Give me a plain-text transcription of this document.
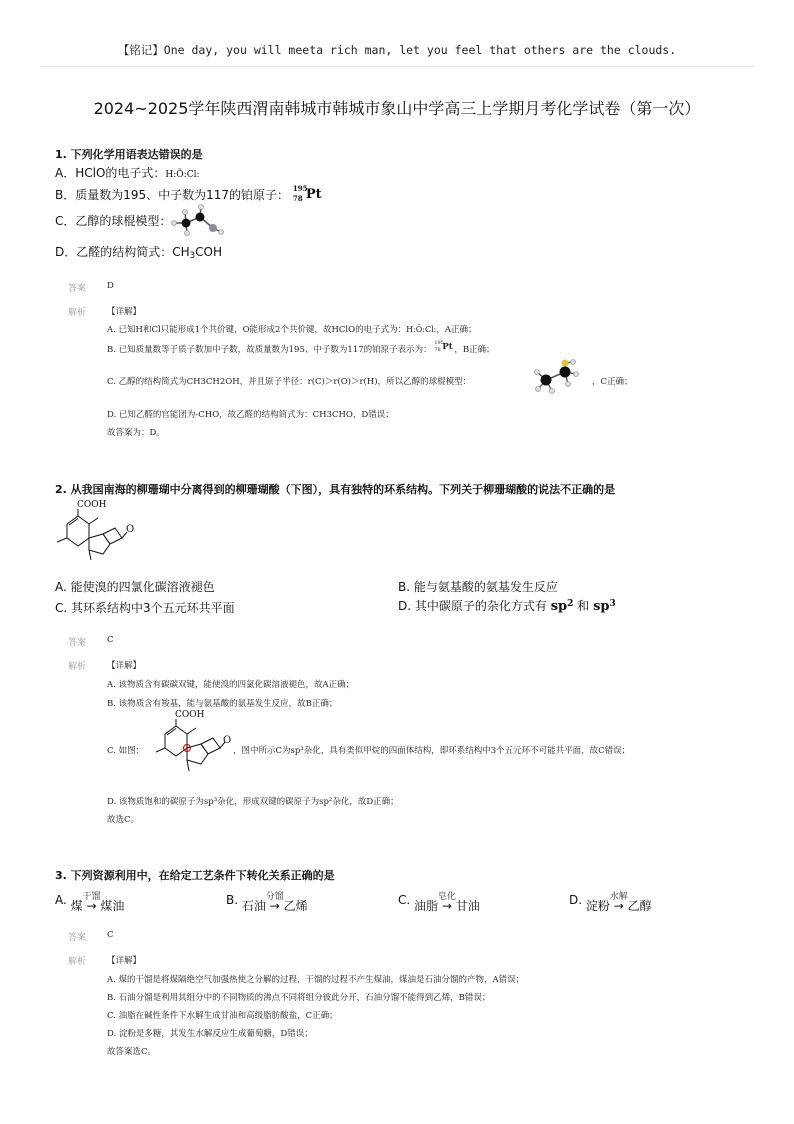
【铭记】One day, you will meeta rich man, let you feel that others are the clouds.
2024~2025学年陕西渭南韩城市韩城市象山中学高三上学期月考化学试卷（第一次）
1. 下列化学用语表达错误的是
A．HClO的电子式：H:Ö:Cl:
B．质量数为195、中子数为117的铂原子： 195
78 Pt
C．乙醇的球棍模型：
D．乙醛的结构简式：$CH_3COH$
答案 D
解析 【详解】
A. 已知H和Cl只能形成1个共价键，O能形成2个共价键，故HClO的电子式为：H:Ö:Cl:，A正确；
B. 已知质量数等于质子数加中子数，故质量数为195、中子数为117的铂原子表示为：
195
78 Pt ，B正确；
C. 乙醇的结构简式为CH3CH2OH，并且原子半径：r(C)＞r(O)＞r(H)，所以乙醇的球棍模型：	，C正确；
D. 已知乙醛的官能团为-CHO，故乙醛的结构简式为：CH3CHO，D错误；
故答案为：D。
2. 从我国南海的柳珊瑚中分离得到的柳珊瑚酸（下图），具有独特的环系结构。下列关于柳珊瑚酸的说法不正确的是
COOH
O
A. 能使溴的四氯化碳溶液褪色	B. 能与氨基酸的氨基发生反应
C. 其环系结构中3个五元环共平面	D. 其中碳原子的杂化方式有 $sp^2$ 和 $sp^3$
答案 C
解析 【详解】
A. 该物质含有碳碳双键，能使溴的四氯化碳溶液褪色，故A正确；
B. 该物质含有羧基，能与氨基酸的氨基发生反应，故B正确；
C. 如图：
COOH
O
，图中所示C为sp³杂化，具有类似甲烷的四面体结构，即环系结构中3个五元环不可能共平面，故C错误；
D. 该物质饱和的碳原子为sp³杂化，形成双键的碳原子为sp²杂化，故D正确；
故选C。
3. 下列资源利用中，在给定工艺条件下转化关系正确的是
A. 煤
干馏
→ 煤油	B. 石油
分馏
→ 乙烯	C. 油脂
皂化
→ 甘油	D. 淀粉
水解
→ 乙醇
答案 C
解析 【详解】
A. 煤的干馏是将煤隔绝空气加强热使之分解的过程，干馏的过程不产生煤油，煤油是石油分馏的产物，A错误；
B. 石油分馏是利用其组分中的不同物质的沸点不同将组分彼此分开，石油分馏不能得到乙烯，B错误；
C. 油脂在碱性条件下水解生成甘油和高级脂肪酸盐，C正确；
D. 淀粉是多糖，其发生水解反应生成葡萄糖，D错误；
故答案选C。
